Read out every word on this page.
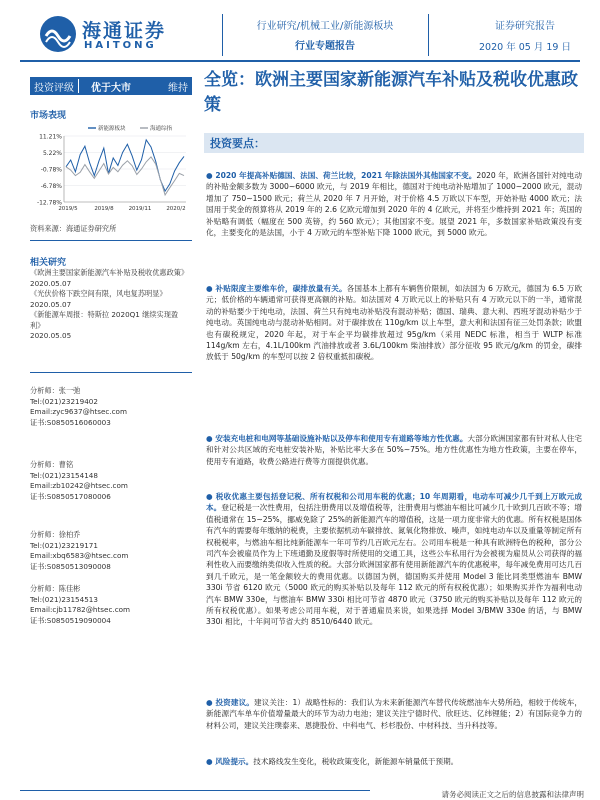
海通证券
HAITONG
行业研究/机械工业/新能源板块
行业专题报告
证券研究报告
2020 年 05 月 19 日
投资评级	优于大市	维持 全览：欧洲主要国家新能源汽车补贴及税收优惠政策
市场表现
11.21%
5.22%
-0.78%
-6.78%
-12.78%
2019/5	2019/8	2019/11	2020/2
新能源板块	海通综指
资料来源：海通证券研究所
相关研究
《欧洲主要国家新能源汽车补贴及税收优惠政策》
2020.05.07
《光伏价格下跌空间有限，风电复苏明显》
2020.05.07
《新能源车周报：特斯拉 2020Q1 继续实现盈利》
2020.05.05
分析师：张一弛
Tel:(021)23219402
Email:zyc9637@htsec.com
证书:S0850516060003
分析师：曹铭
Tel:(021)23154148
Email:zb10242@htsec.com
证书:S0850517080006
分析师：徐柏乔
Tel:(021)23219171
Email:xbq6583@htsec.com
证书:S0850513090008
分析师：陈佳彬
Tel:(021)23154513
Email:cjb11782@htsec.com
证书:S0850519090004
投资要点：
● 2020 年提高补贴德国、法国、荷兰比较，2021 年除法国外其他国家不变。2020 年，欧洲各国针对纯电动的补贴金额多数为 3000~6000 欧元，与 2019 年相比，德国对于纯电动补贴增加了 1000~2000 欧元，混动增加了 750~1500 欧元；荷兰从 2020 年 7 月开始，对于价格 4.5 万欧以下车型，开始补贴 4000 欧元；法国用于奖金的预算将从 2019 年的 2.6 亿欧元增加到 2020 年的 4 亿欧元，并将至少维持到 2021 年；英国的补贴略有调低（幅度在 500 英镑，约 560 欧元）；其他国家不变。展望 2021 年，多数国家补贴政策没有变化，主要变化的是法国，小于 4 万欧元的车型补贴下降 1000 欧元，到 5000 欧元。
● 补贴限度主要维车价，碳排放量有关。各国基本上都有车辆售价限制，如法国为 6 万欧元，德国为 6.5 万欧元；低价格的车辆通常可获得更高额的补贴。如法国对 4 万欧元以上的补贴只有 4 万欧元以下的一半，通常混动的补贴要少于纯电动，法国、荷兰只有纯电动补贴没有混动补贴；德国、瑞典、意大利、西班牙混动补贴少于纯电动。英国纯电动与混动补贴相同。对于碳排放在 110g/km 以上车型，意大利和法国有征三处罚条款；欧盟也有碳税规定，2020 年起，对于车企平均碳排放超过 95g/km（采用 NEDC 标准，相当于 WLTP 标准 114g/km 左右，4.1L/100km 汽油排放或者 3.6L/100km 柴油排放）部分征收 95 欧元/g/km 的罚金，碳排放低于 50g/km 的车型可以按 2 倍权重抵扣碳税。
● 安装充电桩和电网等基础设施补贴以及停车和使用专有道路等地方性优惠。大部分欧洲国家都有针对私人住宅和针对公共区域的充电桩安装补贴，补贴比率大多在 50%~75%。地方性优惠性为地方性政策，主要在停车，使用专有道路，收费公路进行费等方面提供优惠。
● 税收优惠主要包括登记税、所有权税和公司用车税的优惠；10 年周期看，电动车可减少几千到上万欧元成本。登记税是一次性费用，包括注册费用以及增值税等，注册费用与燃油车相比可减少几十欧到几百欧不等；增值税通常在 15~25%，挪威免除了 25%的新能源汽车的增值税，这是一项力度非常大的优惠。所有权税是国体有汽车的需要每年缴纳的税费，主要依据机动车碳排放、氮氧化物排放、噪声，如纯电动车以及重量等制定所有权税税率，与燃油车相比纯新能源车一年可节约几百欧元左右。公司用车税是一种具有欧洲特色的税种，部分公司汽车会被雇员作为上下班通勤及度假等时所使用的交通工具，这些公车私用行为会被视为雇员从公司获得的福利性收入而要缴纳类似收入性质的税。大部分欧洲国家都有使用新能源汽车的优惠税率，每年减免费用可达几百到几千欧元，是一笔金额较大的费用优惠。以德国为例，德国购买并使用 Model 3 能比同类型燃油车 BMW 330i 节省 6120 欧元（5000 欧元的购买补贴以及每年 112 欧元的所有权税优惠）；如果购买并作为福利电动汽车 BMW 330e，与燃油车 BMW 330i 相比可节省 4870 欧元（3750 欧元的购买补贴以及每年 112 欧元的所有权税优惠）。如果考虑公司用车税，对于普通雇员来说，如果选择 Model 3/BMW 330e 的话，与 BMW 330i 相比，十年间可节省大约 8510/6440 欧元。
● 投资建议。建议关注：1）战略性标的：我们认为未来新能源汽车替代传统燃油车大势所趋，相较于传统车，新能源汽车单车价值增量最大的环节为动力电池；建议关注宁德时代、欣旺达、亿纬锂能；2）有国际竞争力的材料公司，建议关注璞泰来、恩捷股份、中科电气、杉杉股份、中材科技、当升科技等。
● 风险提示。技术路线发生变化，税收政策变化，新能源车销量低于预期。
请务必阅读正文之后的信息披露和法律声明
